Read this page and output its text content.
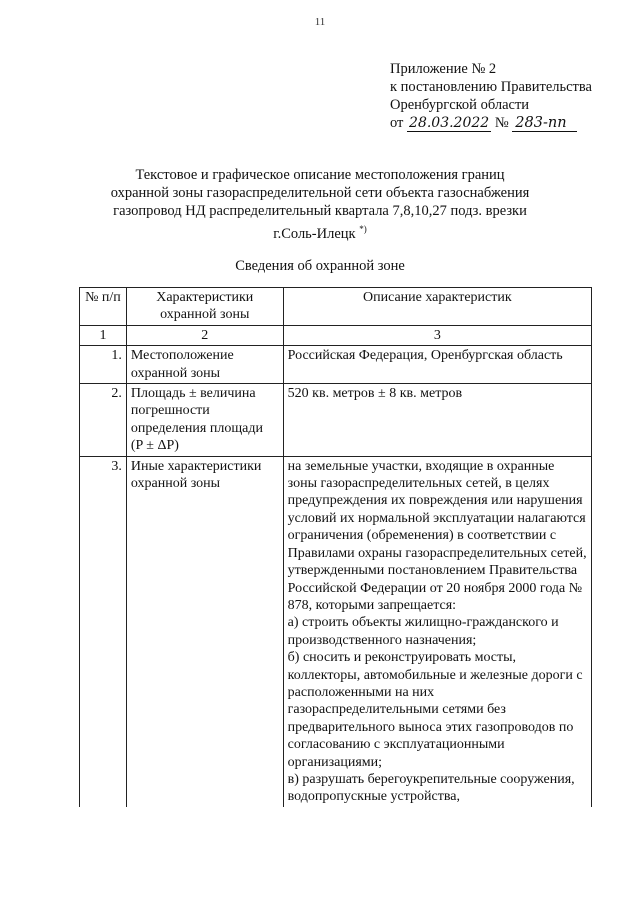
11
Приложение № 2
к постановлению Правительства
Оренбургской области
от 28.03.2022 № 283-пп
Текстовое и графическое описание местоположения границ
охранной зоны газораспределительной сети объекта газоснабжения
газопровод НД распределительный квартала 7,8,10,27 подз. врезки
г.Соль-Илецк *)
Сведения об охранной зоне
№ п/п	Характеристики охранной зоны	Описание характеристик
1	2	3
1.	Местоположение охранной зоны	Российская Федерация, Оренбургская область
2.	Площадь ± величина погрешности определения площади (P ± ΔP)	520 кв. метров ± 8 кв. метров
3.	Иные характеристики охранной зоны	на земельные участки, входящие в охранные зоны газораспределительных сетей, в целях предупреждения их повреждения или нарушения условий их нормальной эксплуатации налагаются ограничения (обременения) в соответствии с Правилами охраны газораспределительных сетей, утвержденными постановлением Правительства Российской Федерации от 20 ноября 2000 года № 878, которыми запрещается:
а) строить объекты жилищно-гражданского и производственного назначения;
б) сносить и реконструировать мосты, коллекторы, автомобильные и железные дороги с расположенными на них газораспределительными сетями без предварительного выноса этих газопроводов по согласованию с эксплуатационными организациями;
в) разрушать берегоукрепительные сооружения, водопропускные устройства,
